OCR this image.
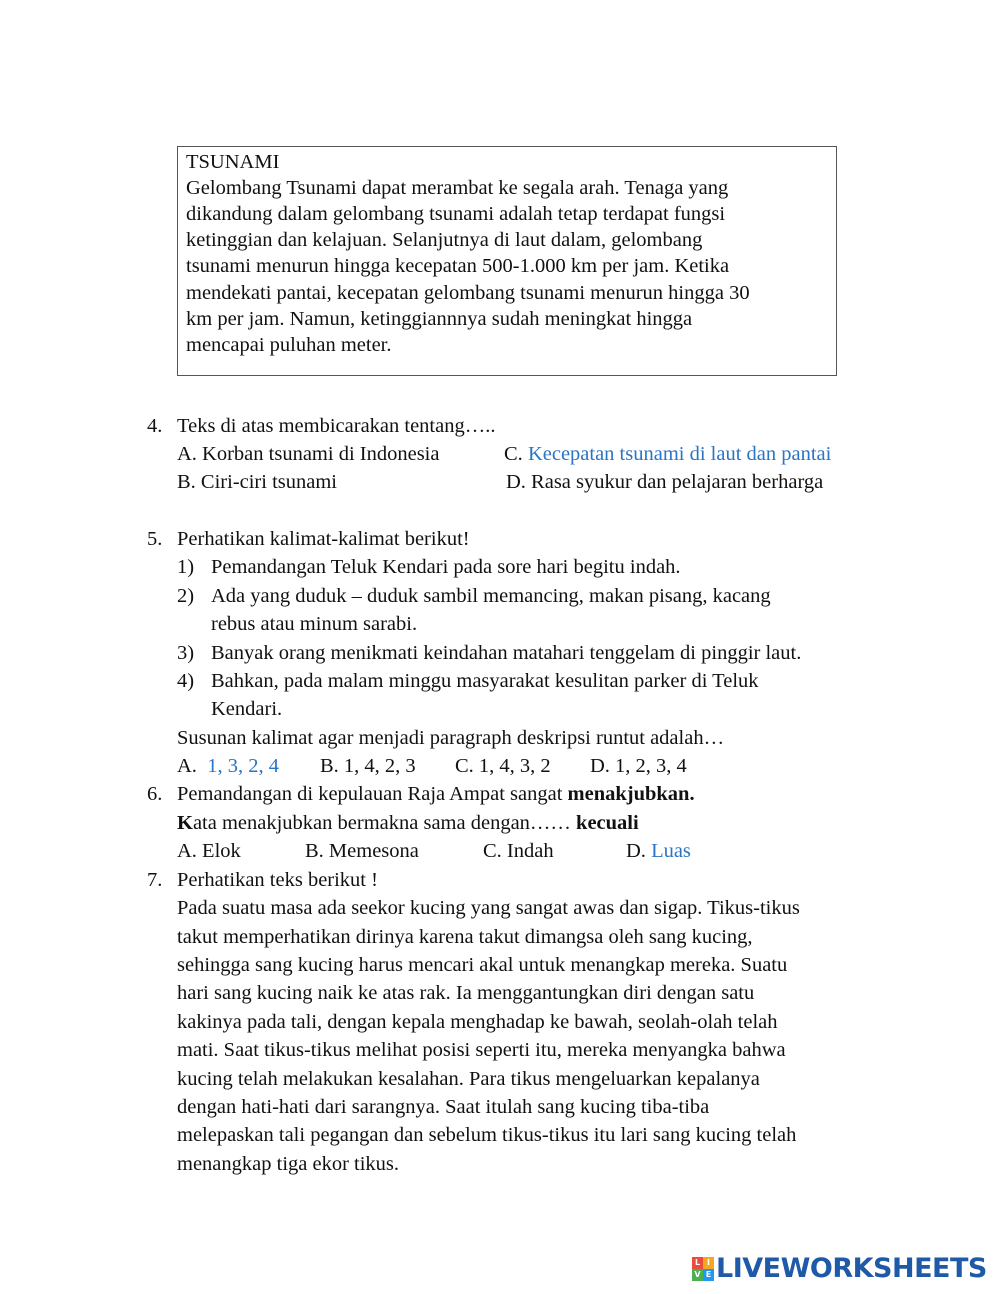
TSUNAMI
Gelombang Tsunami dapat merambat ke segala arah. Tenaga yang
dikandung dalam gelombang tsunami adalah tetap terdapat fungsi
ketinggian dan kelajuan. Selanjutnya di laut dalam, gelombang
tsunami menurun hingga kecepatan 500-1.000 km per jam. Ketika
mendekati pantai, kecepatan gelombang tsunami menurun hingga 30
km per jam. Namun, ketinggiannnya sudah meningkat hingga
mencapai puluhan meter.
4. Teks di atas membicarakan tentang…..
A. Korban tsunami di Indonesia	C. Kecepatan tsunami di laut dan pantai
B. Ciri-ciri tsunami	D. Rasa syukur dan pelajaran berharga
5. Perhatikan kalimat-kalimat berikut!
1) Pemandangan Teluk Kendari pada sore hari begitu indah.
2) Ada yang duduk – duduk sambil memancing, makan pisang, kacang
rebus atau minum sarabi.
3) Banyak orang menikmati keindahan matahari tenggelam di pinggir laut.
4) Bahkan, pada malam minggu masyarakat kesulitan parker di Teluk
Kendari.
Susunan kalimat agar menjadi paragraph deskripsi runtut adalah…
A. 1, 3, 2, 4 B. 1, 4, 2, 3 C. 1, 4, 3, 2 D. 1, 2, 3, 4
6. Pemandangan di kepulauan Raja Ampat sangat menakjubkan.
Kata menakjubkan bermakna sama dengan…… kecuali
A. Elok	B. Memesona	C. Indah	D. Luas
7. Perhatikan teks berikut !
Pada suatu masa ada seekor kucing yang sangat awas dan sigap. Tikus-tikus
takut memperhatikan dirinya karena takut dimangsa oleh sang kucing,
sehingga sang kucing harus mencari akal untuk menangkap mereka. Suatu
hari sang kucing naik ke atas rak. Ia menggantungkan diri dengan satu
kakinya pada tali, dengan kepala menghadap ke bawah, seolah-olah telah
mati. Saat tikus-tikus melihat posisi seperti itu, mereka menyangka bahwa
kucing telah melakukan kesalahan. Para tikus mengeluarkan kepalanya
dengan hati-hati dari sarangnya. Saat itulah sang kucing tiba-tiba
melepaskan tali pegangan dan sebelum tikus-tikus itu lari sang kucing telah
menangkap tiga ekor tikus.
L I
V E LIVEWORKSHEETS
